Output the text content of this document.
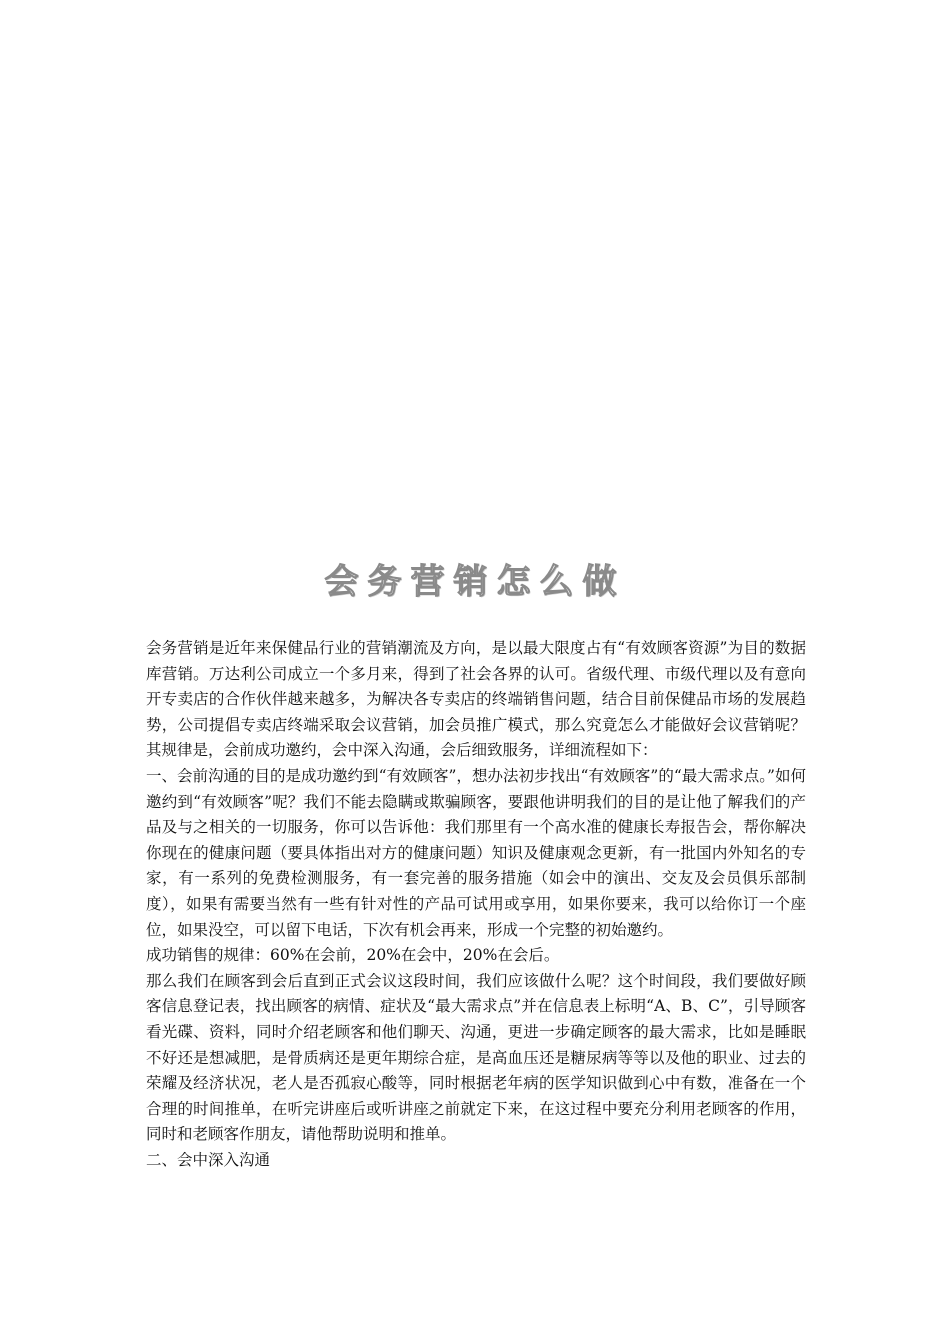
会务营销怎么做

会务营销是近年来保健品行业的营销潮流及方向，是以最大限度占有“有效顾客资源”为目的数据库营销。万达利公司成立一个多月来，得到了社会各界的认可。省级代理、市级代理以及有意向开专卖店的合作伙伴越来越多，为解决各专卖店的终端销售问题，结合目前保健品市场的发展趋势，公司提倡专卖店终端采取会议营销，加会员推广模式，那么究竟怎么才能做好会议营销呢？其规律是，会前成功邀约，会中深入沟通，会后细致服务，详细流程如下：

一、会前沟通的目的是成功邀约到“有效顾客”，想办法初步找出“有效顾客”的“最大需求点。”如何邀约到“有效顾客”呢？我们不能去隐瞒或欺骗顾客，要跟他讲明我们的目的是让他了解我们的产品及与之相关的一切服务，你可以告诉他：我们那里有一个高水准的健康长寿报告会，帮你解决你现在的健康问题（要具体指出对方的健康问题）知识及健康观念更新，有一批国内外知名的专家，有一系列的免费检测服务，有一套完善的服务措施（如会中的演出、交友及会员俱乐部制度），如果有需要当然有一些有针对性的产品可试用或享用，如果你要来，我可以给你订一个座位，如果没空，可以留下电话，下次有机会再来，形成一个完整的初始邀约。

成功销售的规律：60%在会前，20%在会中，20%在会后。

那么我们在顾客到会后直到正式会议这段时间，我们应该做什么呢？这个时间段，我们要做好顾客信息登记表，找出顾客的病情、症状及“最大需求点”并在信息表上标明“A、B、C”，引导顾客看光碟、资料，同时介绍老顾客和他们聊天、沟通，更进一步确定顾客的最大需求，比如是睡眠不好还是想减肥，是骨质病还是更年期综合症，是高血压还是糖尿病等等以及他的职业、过去的荣耀及经济状况，老人是否孤寂心酸等，同时根据老年病的医学知识做到心中有数，准备在一个合理的时间推单，在听完讲座后或听讲座之前就定下来，在这过程中要充分利用老顾客的作用，同时和老顾客作朋友，请他帮助说明和推单。

二、会中深入沟通
